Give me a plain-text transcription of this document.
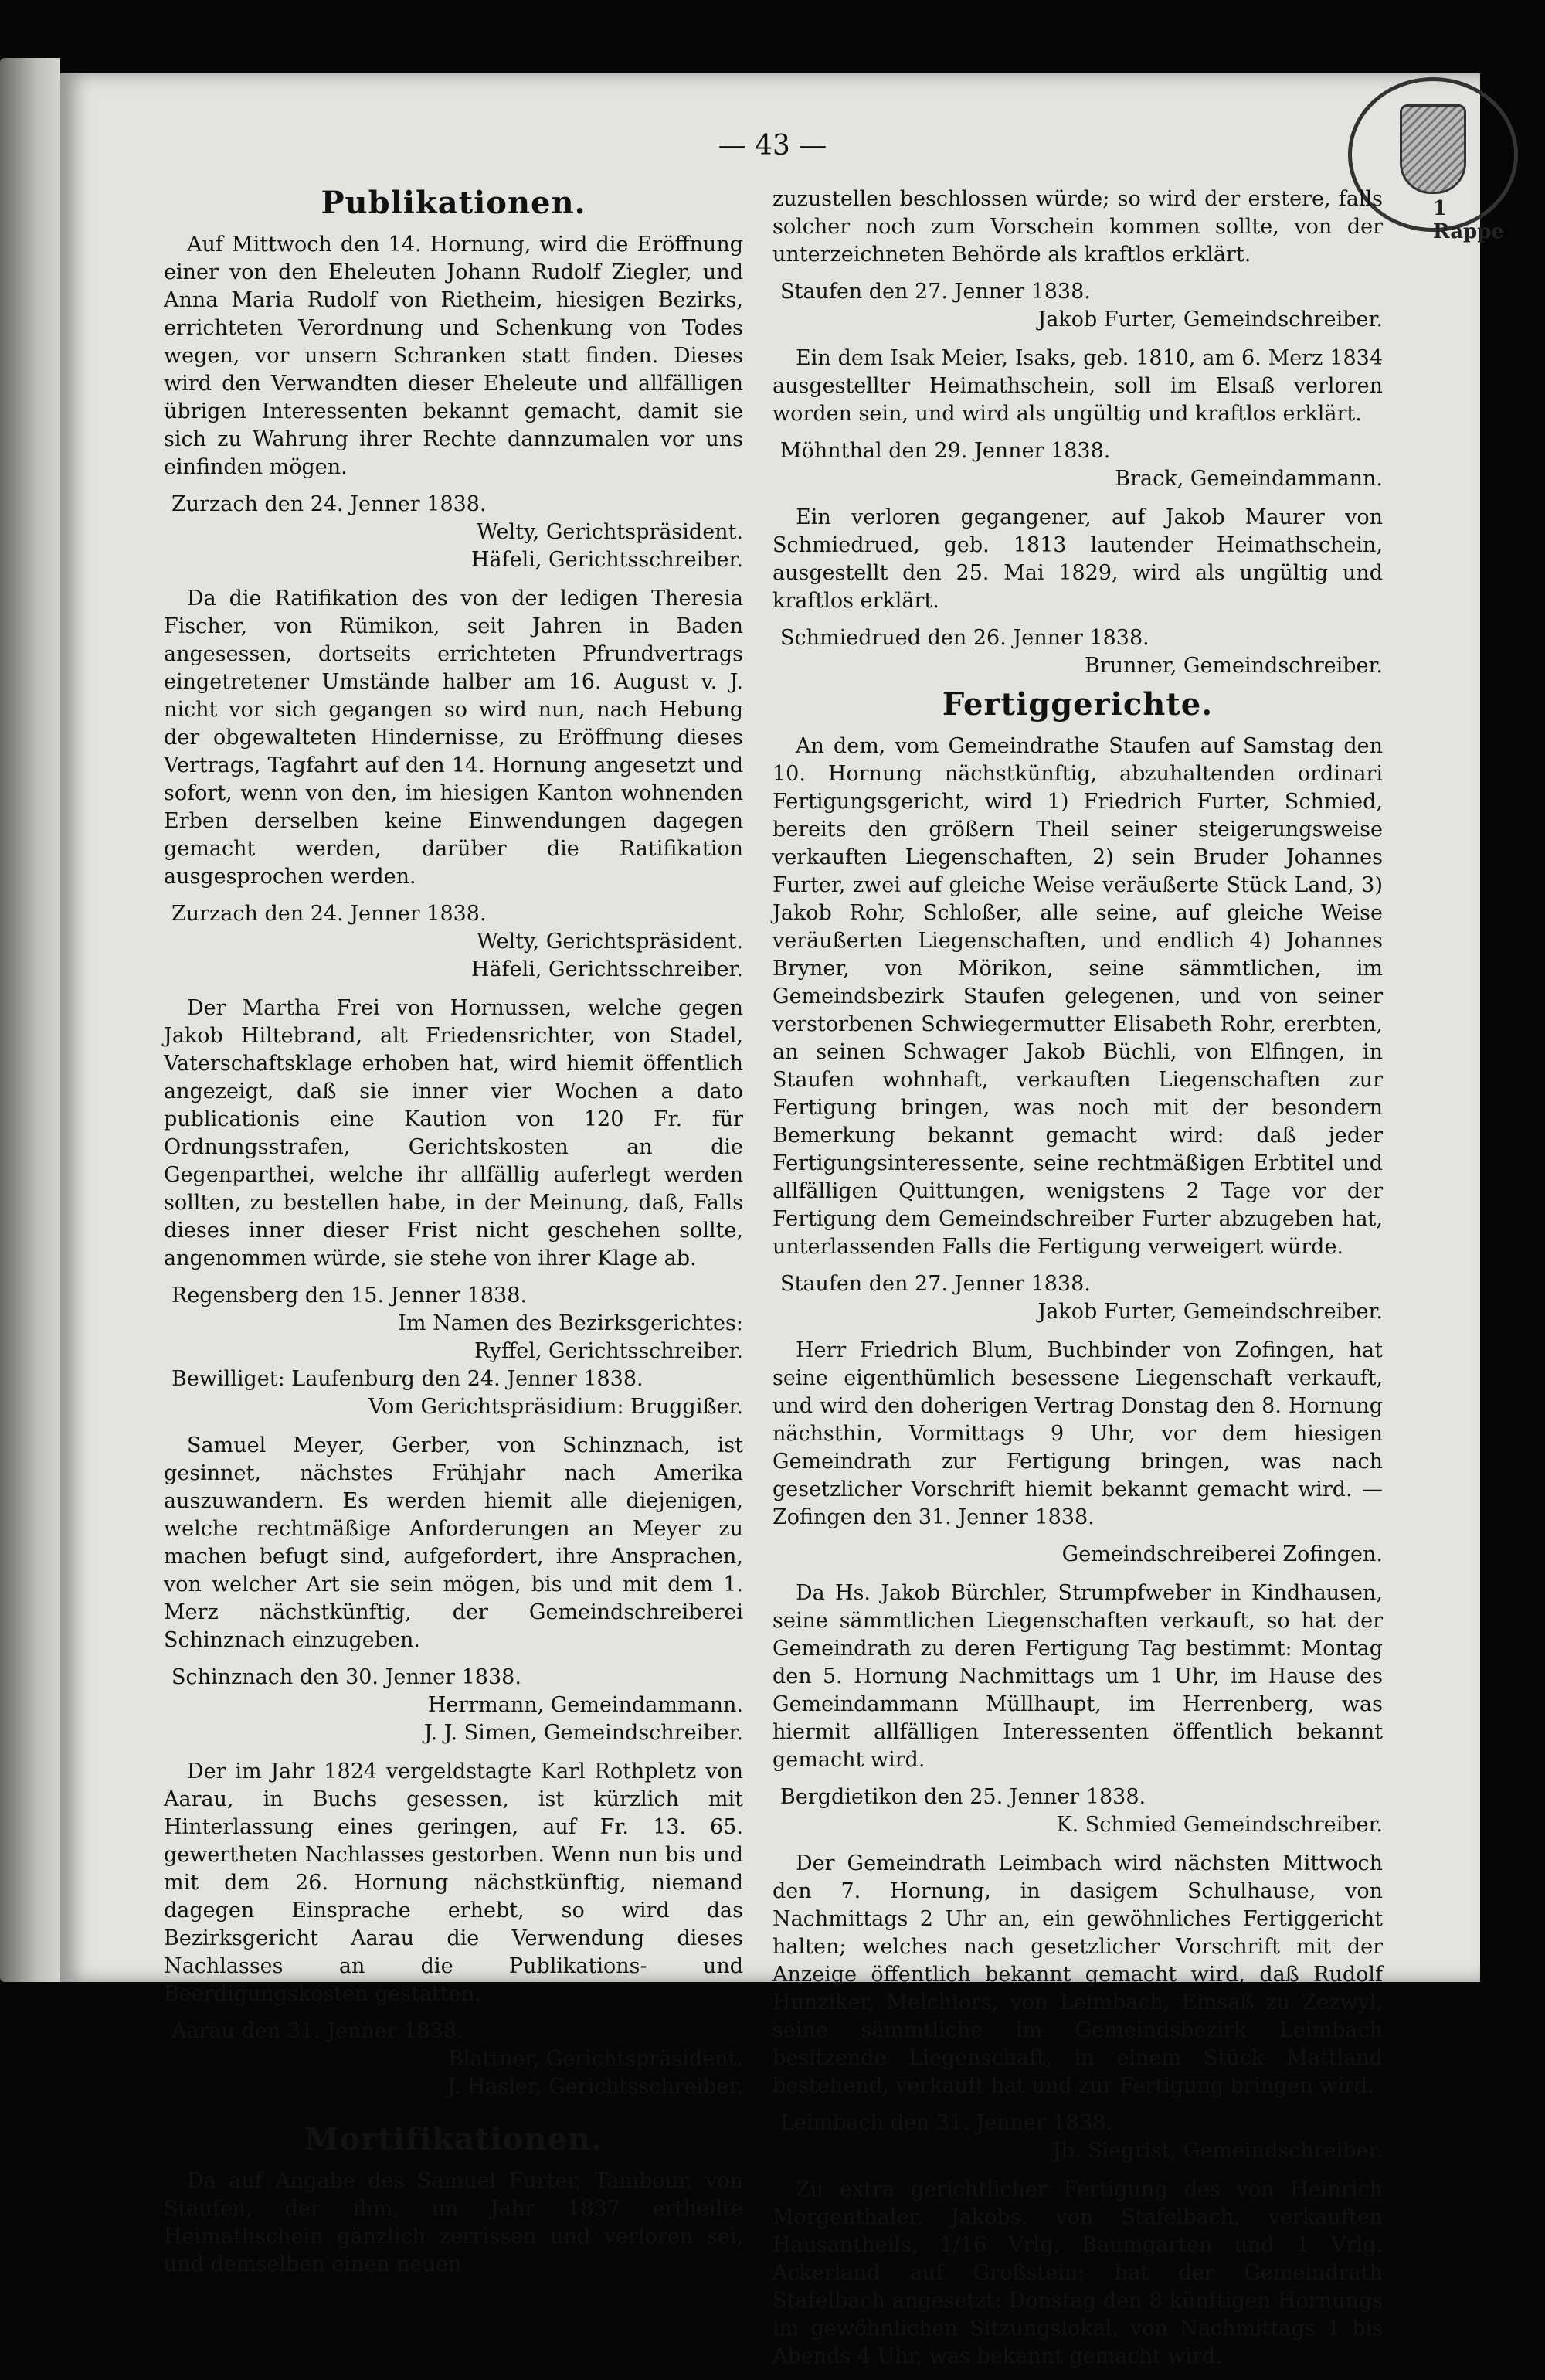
1 Rappe
— 43 —
Publikationen.

Auf Mittwoch den 14. Hornung, wird die Eröffnung einer von den Eheleuten Johann Rudolf Ziegler, und Anna Maria Rudolf von Rietheim, hiesigen Bezirks, errichteten Verordnung und Schenkung von Todes wegen, vor unsern Schranken statt finden. Dieses wird den Verwandten dieser Eheleute und allfälligen übrigen Interessenten bekannt gemacht, damit sie sich zu Wahrung ihrer Rechte dannzumalen vor uns einfinden mögen.

Zurzach den 24. Jenner 1838.
Welty, Gerichtspräsident.
Häfeli, Gerichtsschreiber.

Da die Ratifikation des von der ledigen Theresia Fischer, von Rümikon, seit Jahren in Baden angesessen, dortseits errichteten Pfrundvertrags eingetretener Umstände halber am 16. August v. J. nicht vor sich gegangen so wird nun, nach Hebung der obgewalteten Hindernisse, zu Eröffnung dieses Vertrags, Tagfahrt auf den 14. Hornung angesetzt und sofort, wenn von den, im hiesigen Kanton wohnenden Erben derselben keine Einwendungen dagegen gemacht werden, darüber die Ratifikation ausgesprochen werden.

Zurzach den 24. Jenner 1838.
Welty, Gerichtspräsident.
Häfeli, Gerichtsschreiber.

Der Martha Frei von Hornussen, welche gegen Jakob Hiltebrand, alt Friedensrichter, von Stadel, Vaterschaftsklage erhoben hat, wird hiemit öffentlich angezeigt, daß sie inner vier Wochen a dato publicationis eine Kaution von 120 Fr. für Ordnungsstrafen, Gerichtskosten an die Gegenparthei, welche ihr allfällig auferlegt werden sollten, zu bestellen habe, in der Meinung, daß, Falls dieses inner dieser Frist nicht geschehen sollte, angenommen würde, sie stehe von ihrer Klage ab.

Regensberg den 15. Jenner 1838.
Im Namen des Bezirksgerichtes:
Ryffel, Gerichtsschreiber.
Bewilliget: Laufenburg den 24. Jenner 1838.
Vom Gerichtspräsidium: Bruggißer.

Samuel Meyer, Gerber, von Schinznach, ist gesinnet, nächstes Frühjahr nach Amerika auszuwandern. Es werden hiemit alle diejenigen, welche rechtmäßige Anforderungen an Meyer zu machen befugt sind, aufgefordert, ihre Ansprachen, von welcher Art sie sein mögen, bis und mit dem 1. Merz nächstkünftig, der Gemeindschreiberei Schinznach einzugeben.

Schinznach den 30. Jenner 1838.
Herrmann, Gemeindammann.
J. J. Simen, Gemeindschreiber.

Der im Jahr 1824 vergeldstagte Karl Rothpletz von Aarau, in Buchs gesessen, ist kürzlich mit Hinterlassung eines geringen, auf Fr. 13. 65. gewertheten Nachlasses gestorben. Wenn nun bis und mit dem 26. Hornung nächstkünftig, niemand dagegen Einsprache erhebt, so wird das Bezirksgericht Aarau die Verwendung dieses Nachlasses an die Publikations- und Beerdigungskosten gestatten.

Aarau den 31. Jenner 1838.
Blattner, Gerichtspräsident.
J. Hasler, Gerichtsschreiber.
Mortifikationen.

Da auf Angabe des Samuel Furter, Tambour, von Staufen, der ihm, im Jahr 1837 ertheilte Heimathschein gänzlich zerrissen und verloren sei, und demselben einen neuen

zuzustellen beschlossen würde; so wird der erstere, falls solcher noch zum Vorschein kommen sollte, von der unterzeichneten Behörde als kraftlos erklärt.

Staufen den 27. Jenner 1838.
Jakob Furter, Gemeindschreiber.

Ein dem Isak Meier, Isaks, geb. 1810, am 6. Merz 1834 ausgestellter Heimathschein, soll im Elsaß verloren worden sein, und wird als ungültig und kraftlos erklärt.

Möhnthal den 29. Jenner 1838.
Brack, Gemeindammann.

Ein verloren gegangener, auf Jakob Maurer von Schmiedrued, geb. 1813 lautender Heimathschein, ausgestellt den 25. Mai 1829, wird als ungültig und kraftlos erklärt.

Schmiedrued den 26. Jenner 1838.
Brunner, Gemeindschreiber.
Fertiggerichte.

An dem, vom Gemeindrathe Staufen auf Samstag den 10. Hornung nächstkünftig, abzuhaltenden ordinari Fertigungsgericht, wird 1) Friedrich Furter, Schmied, bereits den größern Theil seiner steigerungsweise verkauften Liegenschaften, 2) sein Bruder Johannes Furter, zwei auf gleiche Weise veräußerte Stück Land, 3) Jakob Rohr, Schloßer, alle seine, auf gleiche Weise veräußerten Liegenschaften, und endlich 4) Johannes Bryner, von Mörikon, seine sämmtlichen, im Gemeindsbezirk Staufen gelegenen, und von seiner verstorbenen Schwiegermutter Elisabeth Rohr, ererbten, an seinen Schwager Jakob Büchli, von Elfingen, in Staufen wohnhaft, verkauften Liegenschaften zur Fertigung bringen, was noch mit der besondern Bemerkung bekannt gemacht wird: daß jeder Fertigungsinteressente, seine rechtmäßigen Erbtitel und allfälligen Quittungen, wenigstens 2 Tage vor der Fertigung dem Gemeindschreiber Furter abzugeben hat, unterlassenden Falls die Fertigung verweigert würde.

Staufen den 27. Jenner 1838.
Jakob Furter, Gemeindschreiber.

Herr Friedrich Blum, Buchbinder von Zofingen, hat seine eigenthümlich besessene Liegenschaft verkauft, und wird den doherigen Vertrag Donstag den 8. Hornung nächsthin, Vormittags 9 Uhr, vor dem hiesigen Gemeindrath zur Fertigung bringen, was nach gesetzlicher Vorschrift hiemit bekannt gemacht wird. — Zofingen den 31. Jenner 1838.

Gemeindschreiberei Zofingen.

Da Hs. Jakob Bürchler, Strumpfweber in Kindhausen, seine sämmtlichen Liegenschaften verkauft, so hat der Gemeindrath zu deren Fertigung Tag bestimmt: Montag den 5. Hornung Nachmittags um 1 Uhr, im Hause des Gemeindammann Müllhaupt, im Herrenberg, was hiermit allfälligen Interessenten öffentlich bekannt gemacht wird.

Bergdietikon den 25. Jenner 1838.
K. Schmied Gemeindschreiber.

Der Gemeindrath Leimbach wird nächsten Mittwoch den 7. Hornung, in dasigem Schulhause, von Nachmittags 2 Uhr an, ein gewöhnliches Fertiggericht halten; welches nach gesetzlicher Vorschrift mit der Anzeige öffentlich bekannt gemacht wird, daß Rudolf Hunziker, Melchiors, von Leimbach, Einsaß zu Zezwyl, seine sämmtliche im Gemeindsbezirk Leimbach besitzende Liegenschaft, in einem Stück Mattland bestehend, verkauft hat und zur Fertigung bringen wird.

Leimbach den 31. Jenner 1838.
Jb. Siegrist, Gemeindschreiber.

Zu extra gerichtlicher Fertigung des von Heinrich Morgenthaler, Jakobs, von Stafelbach, verkauften Hausantheils, 1/16 Vrlg. Baumgarten und 1 Vrlg. Ackerland auf Großstein; hat der Gemeindrath Stafelbach angesetzt: Donstag den 8 künftigen Hornungs im gewöhnlichen Sitzungslokal, von Nachmittags 1 bis Abends 4 Uhr, was bekannt gemacht wird.
